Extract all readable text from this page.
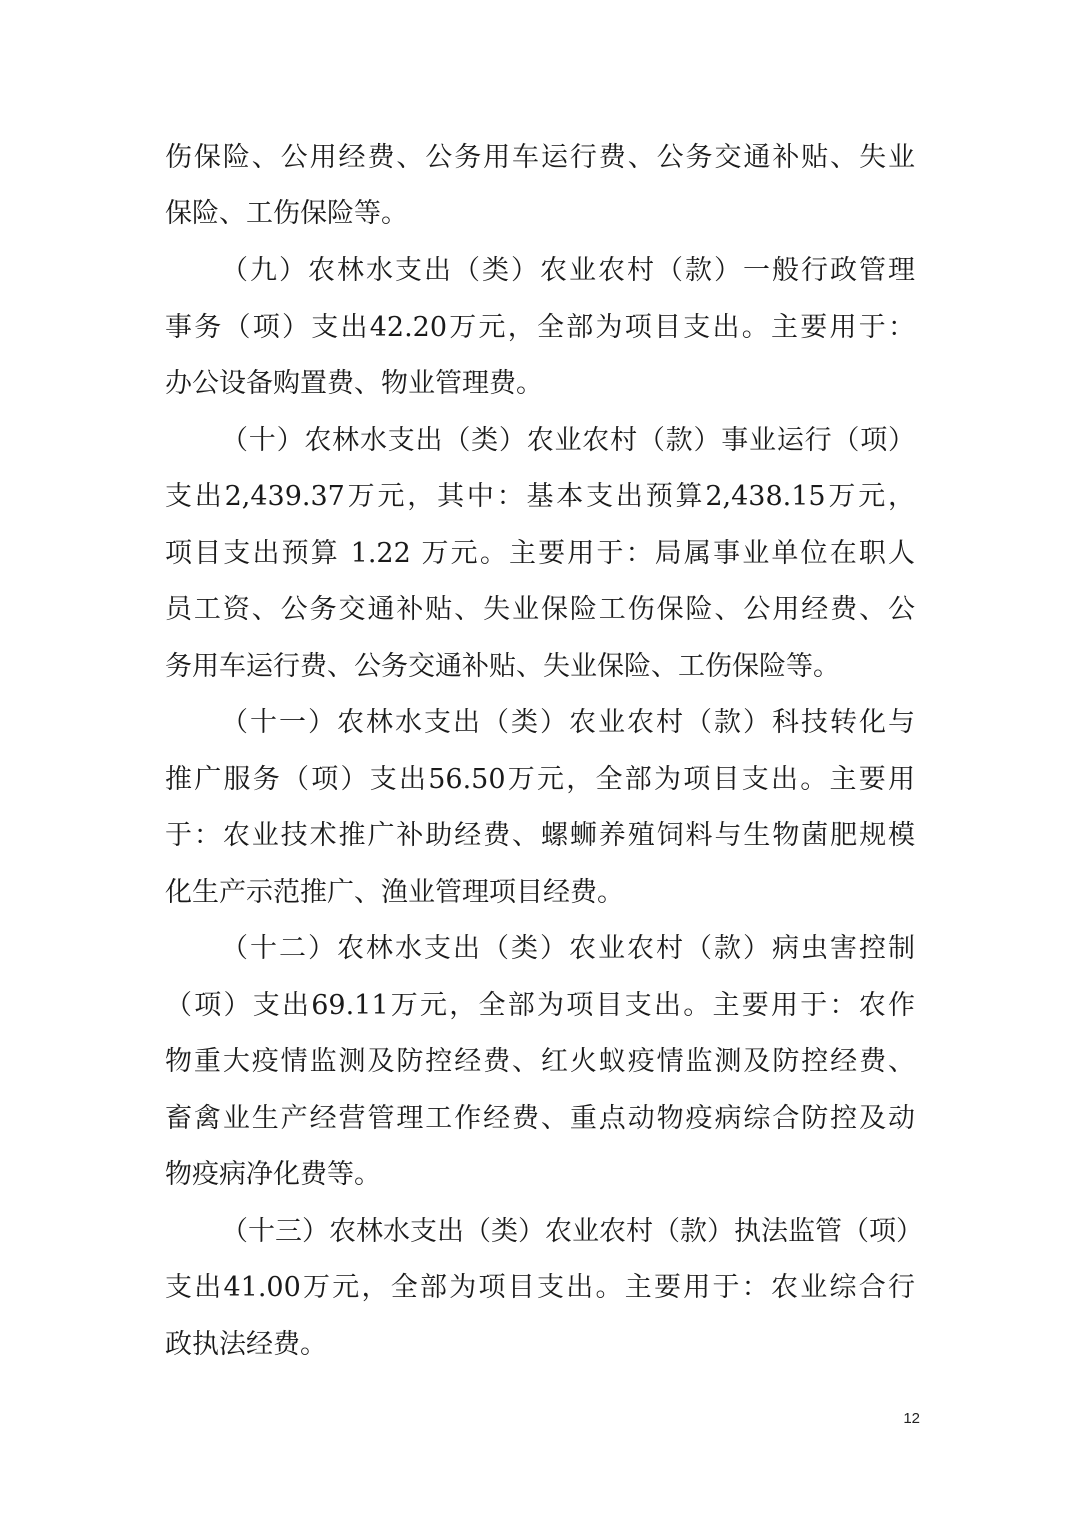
伤保险、公用经费、公务用车运行费、公务交通补贴、失业
保险、工伤保险等。
（九）农林水支出（类）农业农村（款）一般行政管理
事务（项）支出42.20万元，全部为项目支出。主要用于：
办公设备购置费、物业管理费。
（十）农林水支出（类）农业农村（款）事业运行（项）
支出2,439.37万元，其中：基本支出预算2,438.15万元，
项目支出预算 1.22 万元。主要用于：局属事业单位在职人
员工资、公务交通补贴、失业保险工伤保险、公用经费、公
务用车运行费、公务交通补贴、失业保险、工伤保险等。
（十一）农林水支出（类）农业农村（款）科技转化与
推广服务（项）支出56.50万元，全部为项目支出。主要用
于：农业技术推广补助经费、螺蛳养殖饲料与生物菌肥规模
化生产示范推广、渔业管理项目经费。
（十二）农林水支出（类）农业农村（款）病虫害控制
（项）支出69.11万元，全部为项目支出。主要用于：农作
物重大疫情监测及防控经费、红火蚁疫情监测及防控经费、
畜禽业生产经营管理工作经费、重点动物疫病综合防控及动
物疫病净化费等。
（十三）农林水支出（类）农业农村（款）执法监管（项）
支出41.00万元，全部为项目支出。主要用于：农业综合行
政执法经费。
12
